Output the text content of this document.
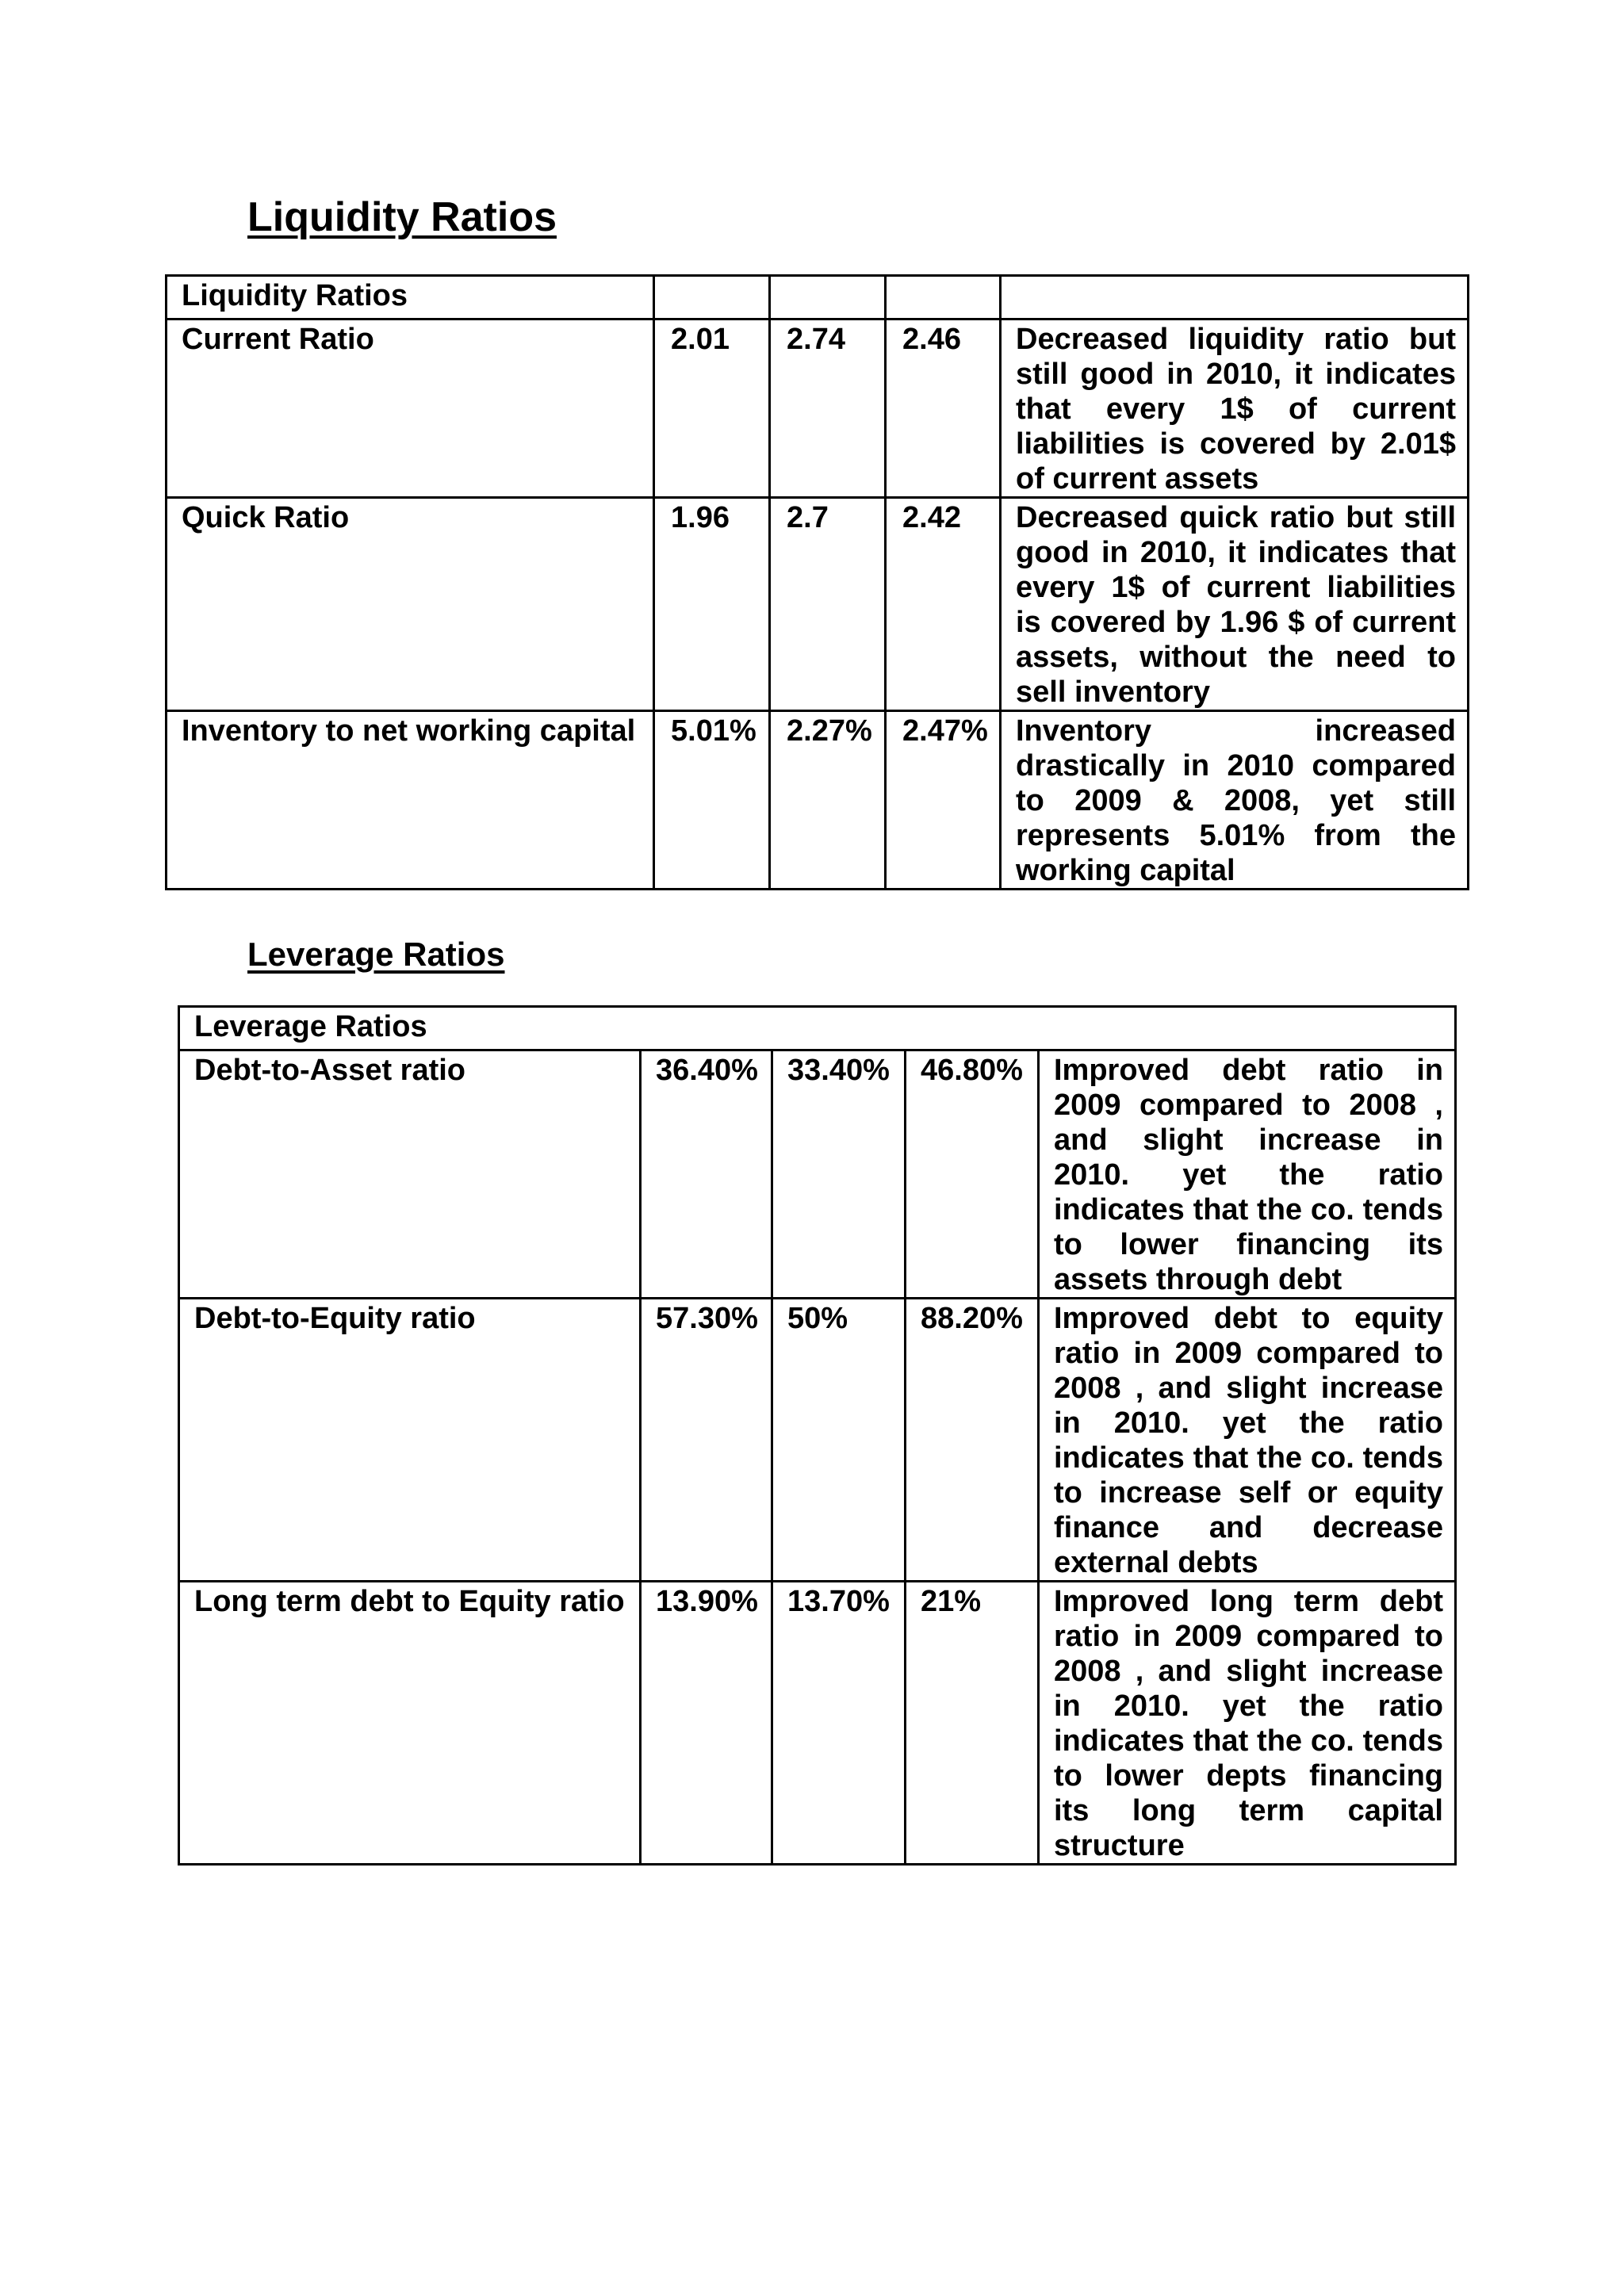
Liquidity Ratios
Liquidity Ratios				
Current Ratio	2.01	2.74	2.46	Decreased liquidity ratio but still good in 2010, it indicates that every 1$ of current liabilities is covered by 2.01$ of current assets
Quick Ratio	1.96	2.7	2.42	Decreased quick ratio but still good in 2010, it indicates that every 1$ of current liabilities is covered by 1.96 $ of current assets, without the need to sell inventory
Inventory to net working capital	5.01%	2.27%	2.47%	Inventory increased drastically in 2010 compared to 2009 & 2008, yet still represents 5.01% from the working capital
Leverage Ratios
Leverage Ratios				
Debt-to-Asset ratio	36.40%	33.40%	46.80%	Improved debt ratio in 2009 compared to 2008 , and slight increase in 2010. yet the ratio indicates that the co. tends to lower financing its assets through debt
Debt-to-Equity ratio	57.30%	50%	88.20%	Improved debt to equity ratio in 2009 compared to 2008 , and slight increase in 2010. yet the ratio indicates that the co. tends to increase self or equity finance and decrease external debts
Long term debt to Equity ratio	13.90%	13.70%	21%	Improved long term debt ratio in 2009 compared to 2008 , and slight increase in 2010. yet the ratio indicates that the co. tends to lower depts financing its long term capital structure
